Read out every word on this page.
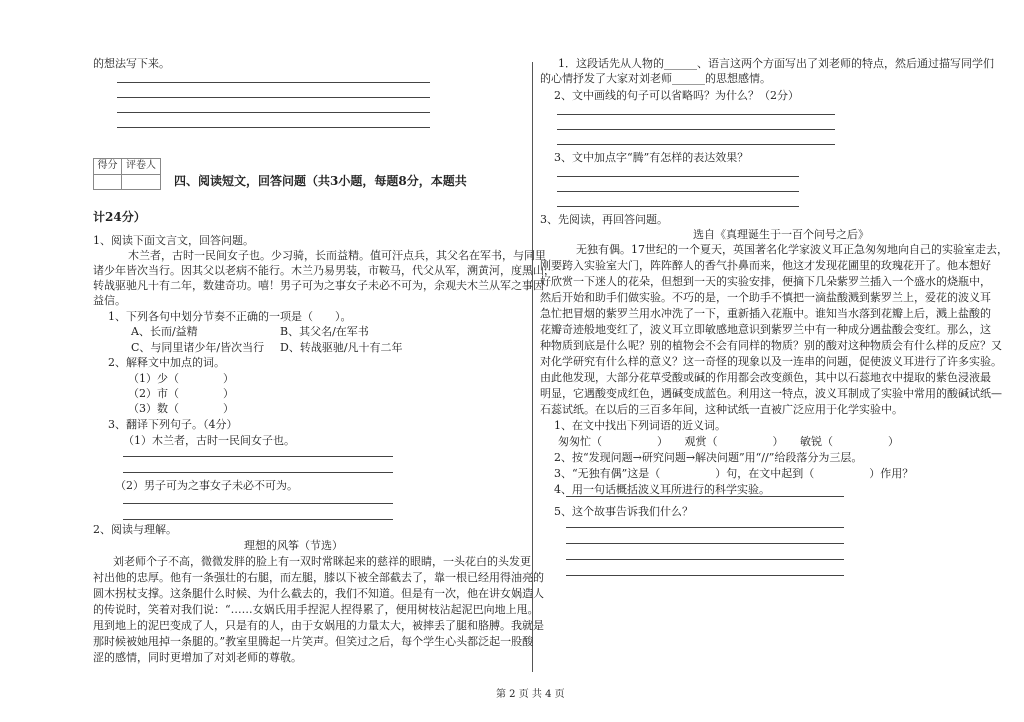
的想法写下来。
得分 评卷人
四、阅读短文，回答问题（共3小题，每题8分，本题共
计24分）
1、阅读下面文言文，回答问题。
木兰者，古时一民间女子也。少习骑，长而益精。值可汗点兵，其父名在军书，与同里
诸少年皆次当行。因其父以老病不能行。木兰乃易男装，市鞍马，代父从军，溯黄河，度黑山，
转战驱驰凡十有二年，数建奇功。嘻！男子可为之事女子未必不可为，余观夫木兰从军之事因
益信。
1、下列各句中划分节奏不正确的一项是（　　）。
A、长而/益精	B、其父名/在军书
C、与同里诸少年/皆次当行 D、转战驱驰/凡十有二年
2、解释文中加点的词。
（1）少（　　　　）
（2）市（　　　　）
（3）数（　　　　）
3、翻译下列句子。（4分）
（1）木兰者，古时一民间女子也。
（2）男子可为之事女子未必不可为。
2、阅读与理解。
理想的风筝（节选）
刘老师个子不高，微微发胖的脸上有一双时常眯起来的慈祥的眼睛，一头花白的头发更
衬出他的忠厚。他有一条强壮的右腿，而左腿，膝以下被全部截去了，靠一根已经用得油亮的
圆木拐杖支撑。这条腿什么时候、为什么截去的，我们不知道。但是有一次，他在讲女娲造人
的传说时，笑着对我们说：“……女娲氏用手捏泥人捏得累了，便用树枝沾起泥巴向地上甩。
甩到地上的泥巴变成了人，只是有的人，由于女娲甩的力量太大，被摔丢了腿和胳膊。我就是
那时候被她甩掉一条腿的。”教室里腾起一片笑声。但笑过之后，每个学生心头都泛起一股酸
涩的感情，同时更增加了对刘老师的尊敬。
1．这段话先从人物的______、语言这两个方面写出了刘老师的特点，然后通过描写同学们
的心情抒发了大家对刘老师______的思想感情。
2、文中画线的句子可以省略吗？为什么？（2分）
3、文中加点字“腾”有怎样的表达效果？
3、先阅读，再回答问题。
选自《真理诞生于一百个问号之后》
无独有偶。17世纪的一个夏天，英国著名化学家波义耳正急匆匆地向自己的实验室走去，
刚要跨入实验室大门，阵阵醉人的香气扑鼻而来，他这才发现花圃里的玫瑰花开了。他本想好
好欣赏一下迷人的花朵，但想到一天的实验安排，便摘下几朵紫罗兰插入一个盛水的烧瓶中，
然后开始和助手们做实验。不巧的是，一个助手不慎把一滴盐酸溅到紫罗兰上，爱花的波义耳
急忙把冒烟的紫罗兰用水冲洗了一下，重新插入花瓶中。谁知当水落到花瓣上后，溅上盐酸的
花瓣奇迹般地变红了，波义耳立即敏感地意识到紫罗兰中有一种成分遇盐酸会变红。那么，这
种物质到底是什么呢？别的植物会不会有同样的物质？别的酸对这种物质会有什么样的反应？又
对化学研究有什么样的意义？这一奇怪的现象以及一连串的问题，促使波义耳进行了许多实验。
由此他发现，大部分花草受酸或碱的作用都会改变颜色，其中以石蕊地衣中提取的紫色浸液最
明显，它遇酸变成红色，遇碱变成蓝色。利用这一特点，波义耳制成了实验中常用的酸碱试纸—
石蕊试纸。在以后的三百多年间，这种试纸一直被广泛应用于化学实验中。
1、在文中找出下列词语的近义词。
匆匆忙（　　　　　）　　观赏（　　　　　）　　敏锐（　　　　　）
2、按“发现问题→研究问题→解决问题”用“//”给段落分为三层。
3、“无独有偶”这是（　　　　　）句，在文中起到（　　　　　）作用？
4、用一句话概括波义耳所进行的科学实验。
5、这个故事告诉我们什么？
第 2 页 共 4 页
